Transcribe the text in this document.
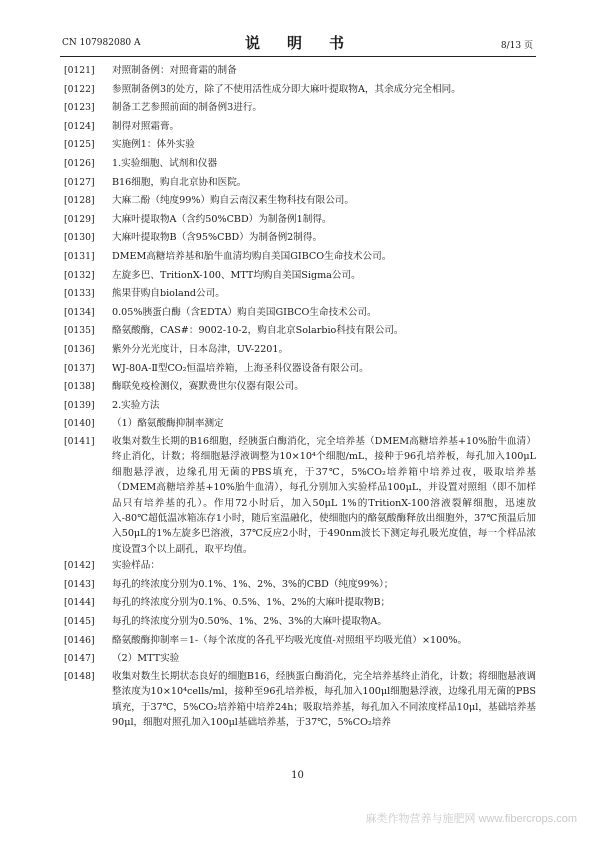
CN 107982080 A	说　明　书	8/13 页
[0121]	对照制备例：对照膏霜的制备

[0122]	参照制备例3的处方，除了不使用活性成分即大麻叶提取物A，其余成分完全相同。

[0123]	制备工艺参照前面的制备例3进行。

[0124]	制得对照霜膏。

[0125]	实施例1：体外实验

[0126]	1.实验细胞、试剂和仪器

[0127]	B16细胞，购自北京协和医院。

[0128]	大麻二酚（纯度99%）购自云南汉素生物科技有限公司。

[0129]	大麻叶提取物A（含约50%CBD）为制备例1制得。

[0130]	大麻叶提取物B（含95%CBD）为制备例2制得。

[0131]	DMEM高糖培养基和胎牛血清均购自美国GIBCO生命技术公司。

[0132]	左旋多巴、TritionX-100、MTT均购自美国Sigma公司。

[0133]	熊果苷购自bioland公司。

[0134]	0.05%胰蛋白酶（含EDTA）购自美国GIBCO生命技术公司。

[0135]	酪氨酸酶，CAS#：9002-10-2，购自北京Solarbio科技有限公司。

[0136]	紫外分光光度计，日本岛津，UV-2201。

[0137]	WJ-80A-Ⅱ型CO₂恒温培养箱，上海圣科仪器设备有限公司。

[0138]	酶联免疫检测仪，赛默费世尔仪器有限公司。

[0139]	2.实验方法

[0140]	（1）酪氨酸酶抑制率测定

[0141]	收集对数生长期的B16细胞，经胰蛋白酶消化，完全培养基（DMEM高糖培养基+10%胎牛血清）终止消化，计数；将细胞悬浮液调整为10×10⁴个细胞/mL，接种于96孔培养板，每孔加入100μL细胞悬浮液，边缘孔用无菌的PBS填充，于37℃，5%CO₂培养箱中培养过夜，吸取培养基（DMEM高糖培养基+10%胎牛血清），每孔分别加入实验样品100μL，并设置对照组（即不加样品只有培养基的孔）。作用72小时后，加入50μL 1%的TritionX-100溶液裂解细胞，迅速放入-80℃超低温冰箱冻存1小时，随后室温融化，使细胞内的酪氨酸酶释放出细胞外，37℃预温后加入50μL的1%左旋多巴溶液，37℃反应2小时，于490nm波长下测定每孔吸光度值，每一个样品浓度设置3个以上副孔，取平均值。

[0142]	实验样品：

[0143]	每孔的终浓度分别为0.1%、1%、2%、3%的CBD（纯度99%）；

[0144]	每孔的终浓度分别为0.1%、0.5%、1%、2%的大麻叶提取物B；

[0145]	每孔的终浓度分别为0.50%、1%、2%、3%的大麻叶提取物A。

[0146]	酪氨酸酶抑制率＝1-（每个浓度的各孔平均吸光度值-对照组平均吸光值）×100%。

[0147]	（2）MTT实验

[0148]	收集对数生长期状态良好的细胞B16，经胰蛋白酶消化，完全培养基终止消化，计数；将细胞悬液调整浓度为10×10⁴cells/ml，接种至96孔培养板，每孔加入100μl细胞悬浮液，边缘孔用无菌的PBS填充，于37℃，5%CO₂培养箱中培养24h；吸取培养基，每孔加入不同浓度样品10μl，基础培养基90μl，细胞对照孔加入100μl基础培养基，于37℃，5%CO₂培养

10
麻类作物营养与施肥网 www.fibercrops.com
